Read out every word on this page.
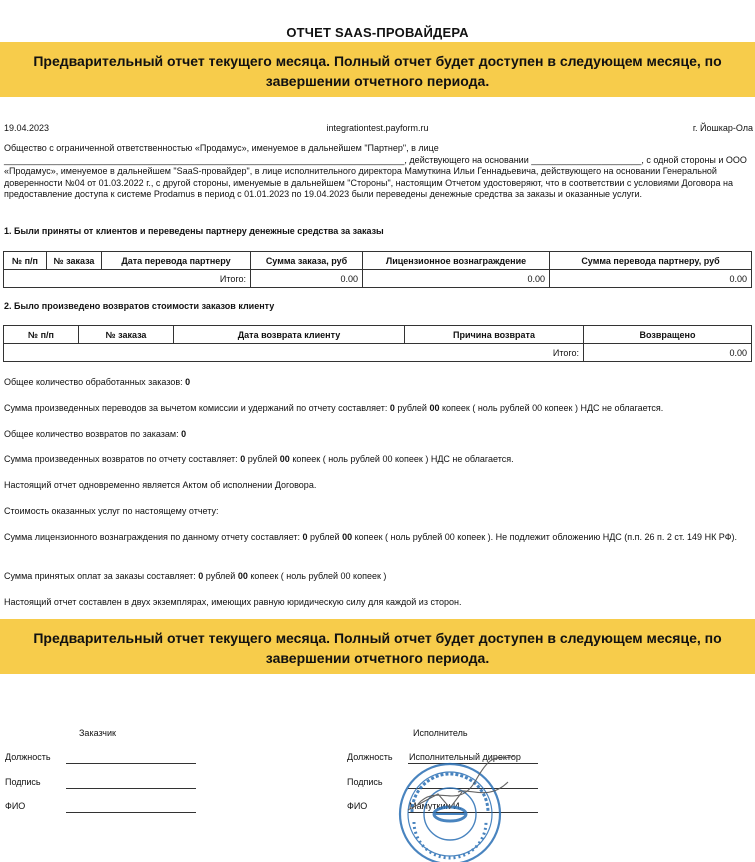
ОТЧЕТ SAAS-ПРОВАЙДЕРА
Предварительный отчет текущего месяца. Полный отчет будет доступен в следующем месяце, по завершении отчетного периода.
19.04.2023	integrationtest.payform.ru	г. Йошкар-Ола
Общество с ограниченной ответственностью «Продамус», именуемое в дальнейшем "Партнер", в лице ________________________________________________________________________________, действующего на основании ______________________, с одной стороны и ООО «Продамус», именуемое в дальнейшем "SaaS-провайдер", в лице исполнительного директора Мамуткина Ильи Геннадьевича, действующего на основании Генеральной доверенности №04 от 01.03.2022 г., с другой стороны, именуемые в дальнейшем "Стороны", настоящим Отчетом удостоверяют, что в соответствии с условиями Договора на предоставление доступа к системе Prodamus в период с 01.01.2023 по 19.04.2023 были переведены денежные средства за заказы и оказанные услуги.
1. Были приняты от клиентов и переведены партнеру денежные средства за заказы
№ п/п	№ заказа	Дата перевода партнеру	Сумма заказа, руб	Лицензионное вознаграждение	Сумма перевода партнеру, руб
Итого:			0.00	0.00	0.00
2. Было произведено возвратов стоимости заказов клиенту
№ п/п	№ заказа	Дата возврата клиенту	Причина возврата	Возвращено
Итого:				0.00
Общее количество обработанных заказов: 0
Сумма произведенных переводов за вычетом комиссии и удержаний по отчету составляет: 0 рублей 00 копеек ( ноль рублей 00 копеек ) НДС не облагается.
Общее количество возвратов по заказам: 0
Сумма произведенных возвратов по отчету составляет: 0 рублей 00 копеек ( ноль рублей 00 копеек ) НДС не облагается.
Настоящий отчет одновременно является Актом об исполнении Договора.
Стоимость оказанных услуг по настоящему отчету:
Сумма лицензионного вознаграждения по данному отчету составляет: 0 рублей 00 копеек ( ноль рублей 00 копеек ). Не подлежит обложению НДС (п.п. 26 п. 2 ст. 149 НК РФ).
Сумма принятых оплат за заказы составляет: 0 рублей 00 копеек ( ноль рублей 00 копеек )
Настоящий отчет составлен в двух экземплярах, имеющих равную юридическую силу для каждой из сторон.
Предварительный отчет текущего месяца. Полный отчет будет доступен в следующем месяце, по завершении отчетного периода.
Заказчик	Исполнитель
Должность
Подпись
ФИО
Должность Исполнительный директор
Подпись
ФИО	Мамуткин И.
